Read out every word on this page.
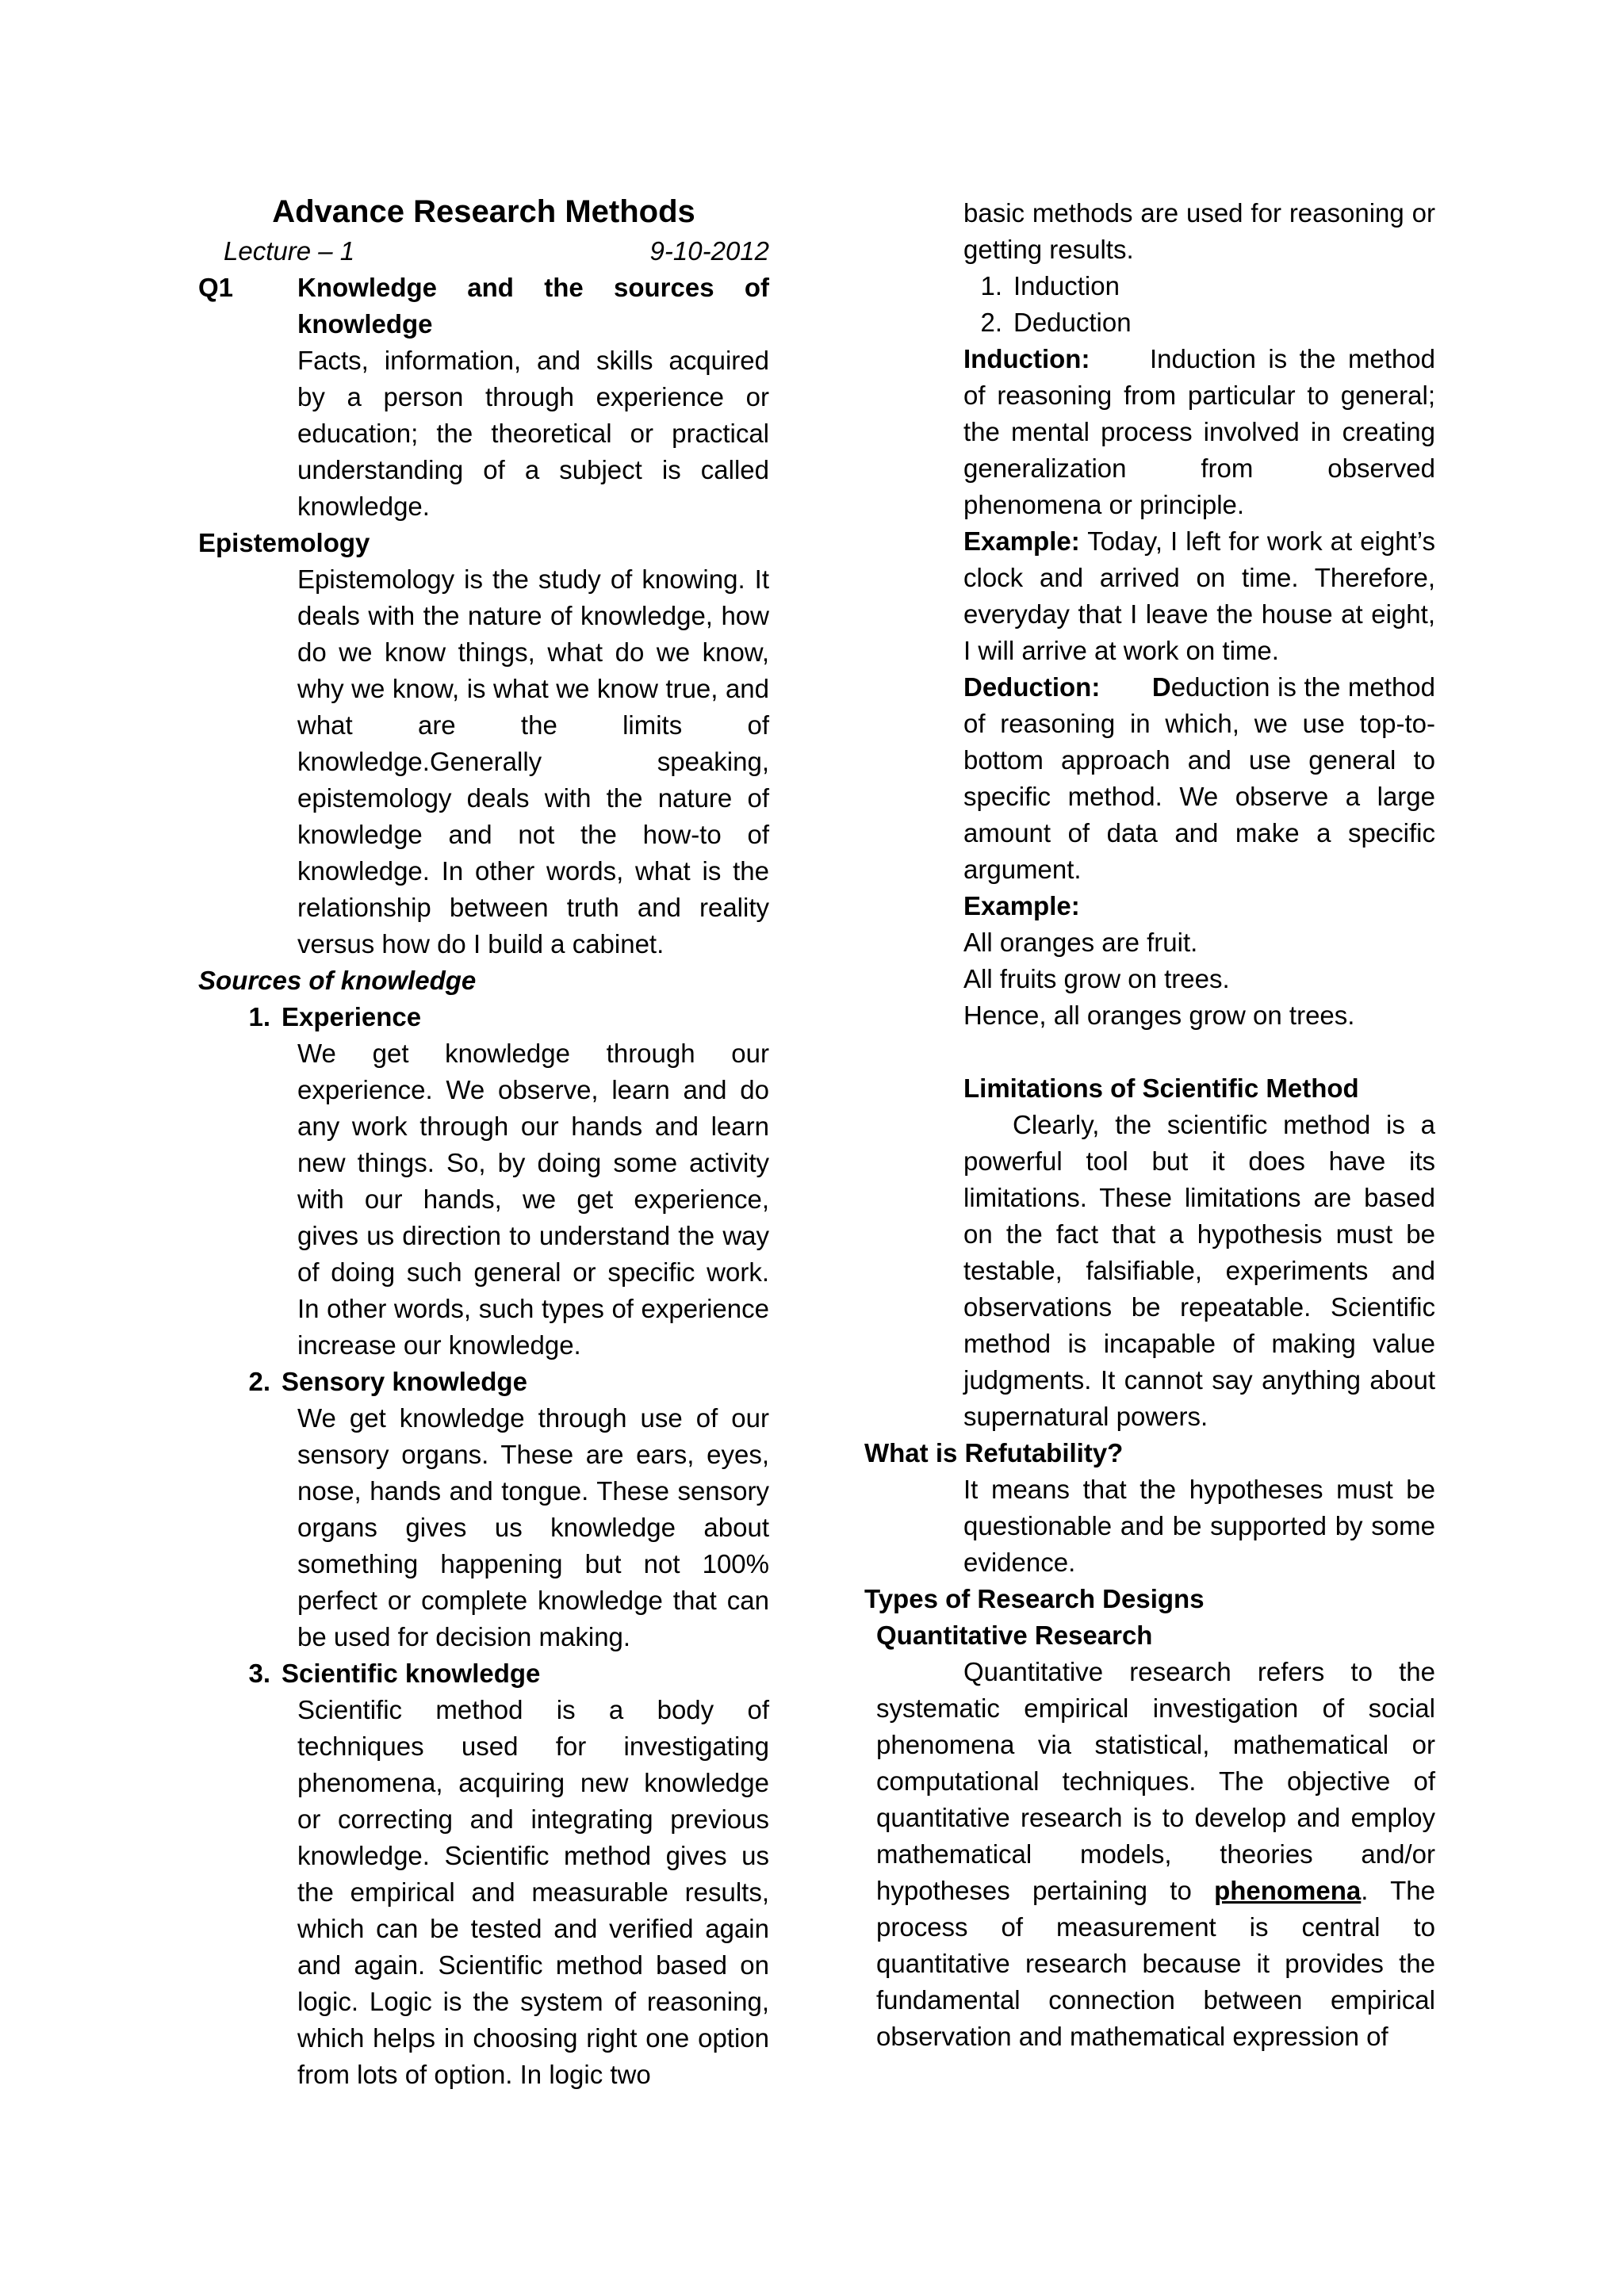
Advance Research Methods
Lecture – 1	9-10-2012
Q1	Knowledge and the sources of knowledge

Facts, information, and skills acquired by a person through experience or education; the theoretical or practical understanding of a subject is called knowledge.

Epistemology

Epistemology is the study of knowing. It deals with the nature of knowledge, how do we know things, what do we know, why we know, is what we know true, and what are the limits of knowledge.Generally speaking, epistemology deals with the nature of knowledge and not the how-to of knowledge. In other words, what is the relationship between truth and reality versus how do I build a cabinet.

Sources of knowledge
1. Experience

We get knowledge through our experience. We observe, learn and do any work through our hands and learn new things. So, by doing some activity with our hands, we get experience, gives us direction to understand the way of doing such general or specific work. In other words, such types of experience increase our knowledge.

2. Sensory knowledge

We get knowledge through use of our sensory organs. These are ears, eyes, nose, hands and tongue. These sensory organs gives us knowledge about something happening but not 100% perfect or complete knowledge that can be used for decision making.

3. Scientific knowledge

Scientific method is a body of techniques used for investigating phenomena, acquiring new knowledge or correcting and integrating previous knowledge. Scientific method gives us the empirical and measurable results, which can be tested and verified again and again. Scientific method based on logic. Logic is the system of reasoning, which helps in choosing right one option from lots of option. In logic two

basic methods are used for reasoning or getting results.

1. Induction
2. Deduction

Induction: Induction is the method of reasoning from particular to general; the mental process involved in creating generalization from observed phenomena or principle.

Example: Today, I left for work at eight’s clock and arrived on time. Therefore, everyday that I leave the house at eight, I will arrive at work on time.

Deduction: Deduction is the method of reasoning in which, we use top-to-bottom approach and use general to specific method. We observe a large amount of data and make a specific argument.

Example:
All oranges are fruit.
All fruits grow on trees.
Hence, all oranges grow on trees.
Limitations of Scientific Method

Clearly, the scientific method is a powerful tool but it does have its limitations. These limitations are based on the fact that a hypothesis must be testable, falsifiable, experiments and observations be repeatable. Scientific method is incapable of making value judgments. It cannot say anything about supernatural powers.

What is Refutability?

It means that the hypotheses must be questionable and be supported by some evidence.

Types of Research Designs
Quantitative Research

Quantitative research refers to the systematic empirical investigation of social phenomena via statistical, mathematical or computational techniques. The objective of quantitative research is to develop and employ mathematical models, theories and/or hypotheses pertaining to phenomena. The process of measurement is central to quantitative research because it provides the fundamental connection between empirical observation and mathematical expression of
